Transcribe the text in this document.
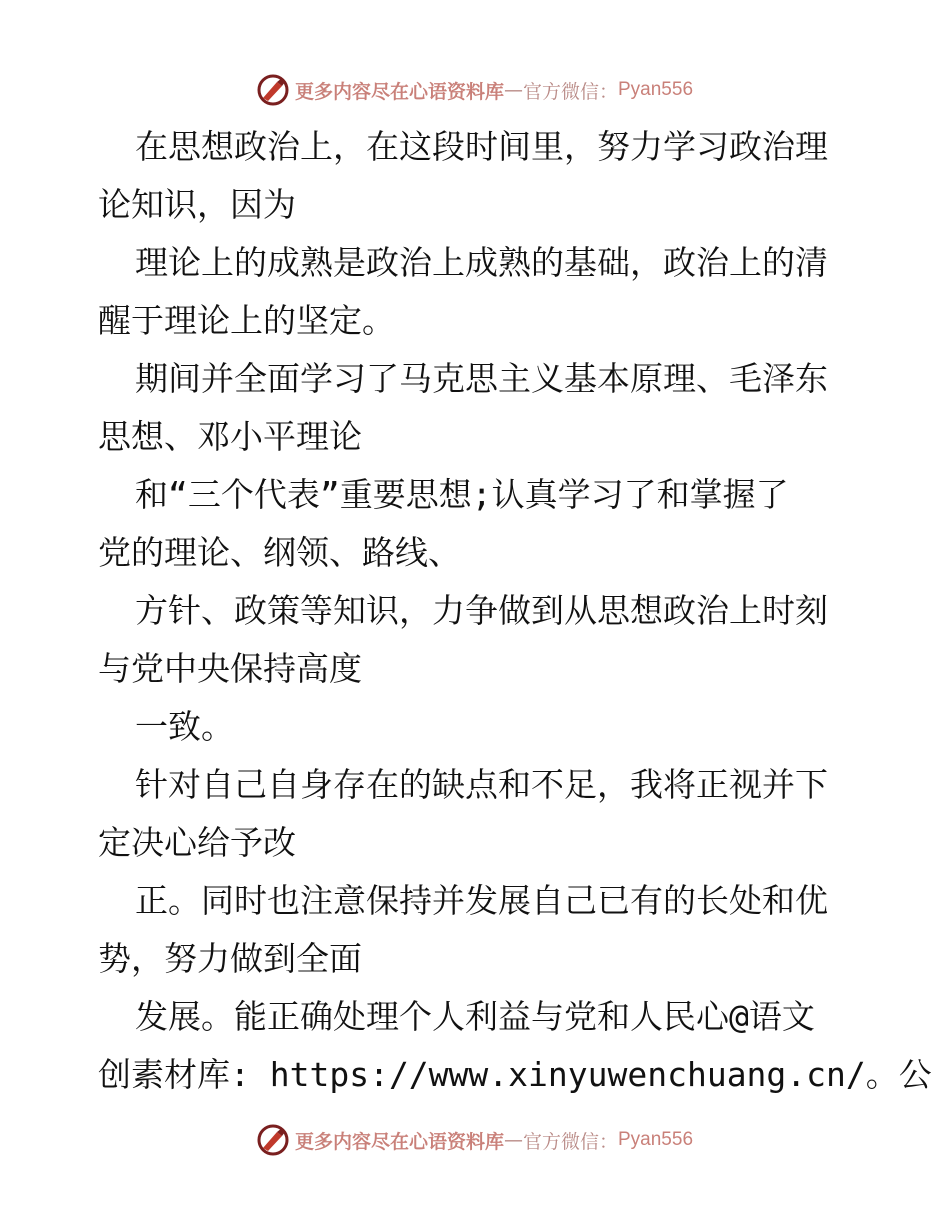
更多内容尽在心语资料库 — 官方微信： Pyan556
在思想政治上，在这段时间里，努力学习政治理
论知识，因为
理论上的成熟是政治上成熟的基础，政治上的清
醒于理论上的坚定。
期间并全面学习了马克思主义基本原理、毛泽东
思想、邓小平理论
和“三个代表”重要思想;认真学习了和掌握了
党的理论、纲领、路线、
方针、政策等知识，力争做到从思想政治上时刻
与党中央保持高度
一致。
针对自己自身存在的缺点和不足，我将正视并下
定决心给予改
正。同时也注意保持并发展自己已有的长处和优
势，努力做到全面
发展。能正确处理个人利益与党和人民心@语文
创素材库: https://www.xinyuwenchuang.cn/。公
更多内容尽在心语资料库 — 官方微信： Pyan556
